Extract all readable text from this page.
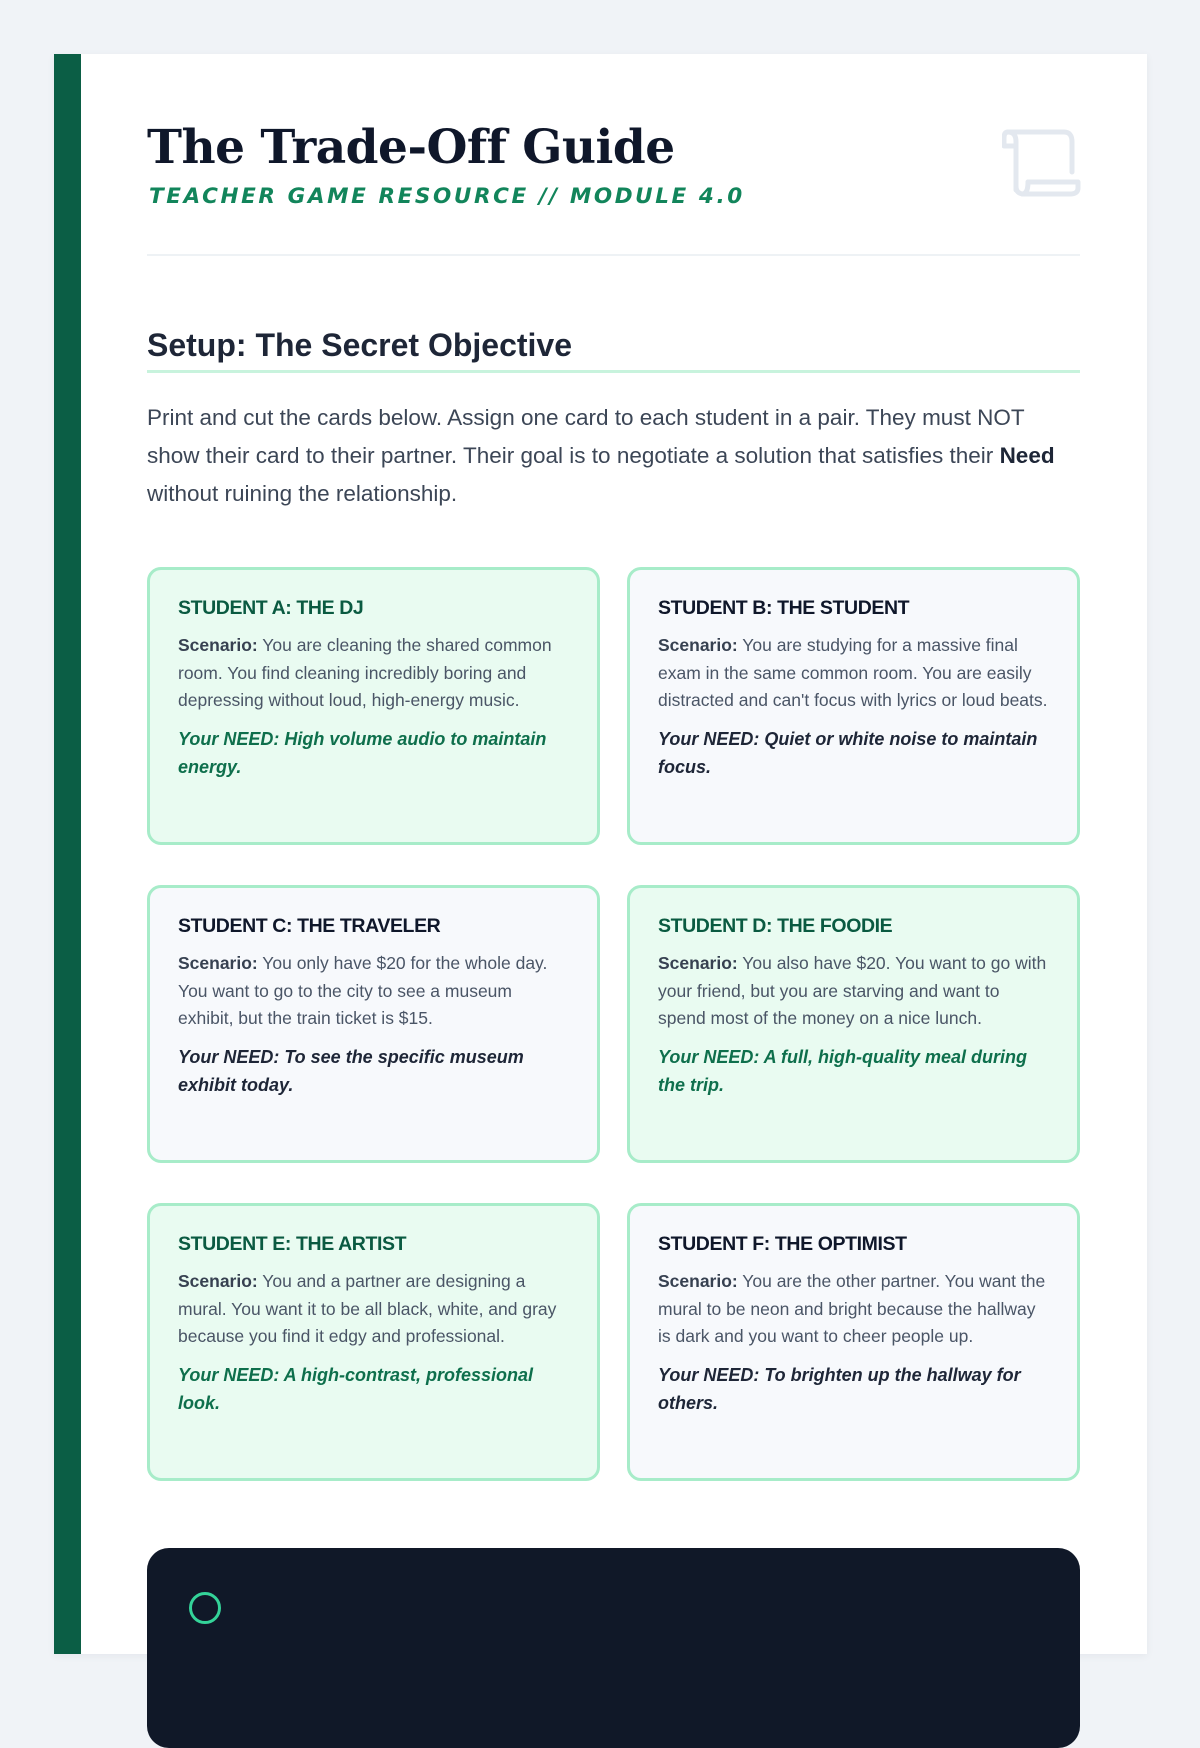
The Trade-Off Guide
TEACHER GAME RESOURCE // MODULE 4.0
Setup: The Secret Objective

Print and cut the cards below. Assign one card to each student in a pair. They must NOT show their card to their partner. Their goal is to negotiate a solution that satisfies their Need without ruining the relationship.

STUDENT A: THE DJ
Scenario: You are cleaning the shared common room. You find cleaning incredibly boring and depressing without loud, high-energy music.
Your NEED: High volume audio to maintain energy.
STUDENT B: THE STUDENT
Scenario: You are studying for a massive final exam in the same common room. You are easily distracted and can't focus with lyrics or loud beats.
Your NEED: Quiet or white noise to maintain focus.
STUDENT C: THE TRAVELER
Scenario: You only have $20 for the whole day. You want to go to the city to see a museum exhibit, but the train ticket is $15.
Your NEED: To see the specific museum exhibit today.
STUDENT D: THE FOODIE
Scenario: You also have $20. You want to go with your friend, but you are starving and want to spend most of the money on a nice lunch.
Your NEED: A full, high-quality meal during the trip.
STUDENT E: THE ARTIST
Scenario: You and a partner are designing a mural. You want it to be all black, white, and gray because you find it edgy and professional.
Your NEED: A high-contrast, professional look.
STUDENT F: THE OPTIMIST
Scenario: You are the other partner. You want the mural to be neon and bright because the hallway is dark and you want to cheer people up.
Your NEED: To brighten up the hallway for others.
